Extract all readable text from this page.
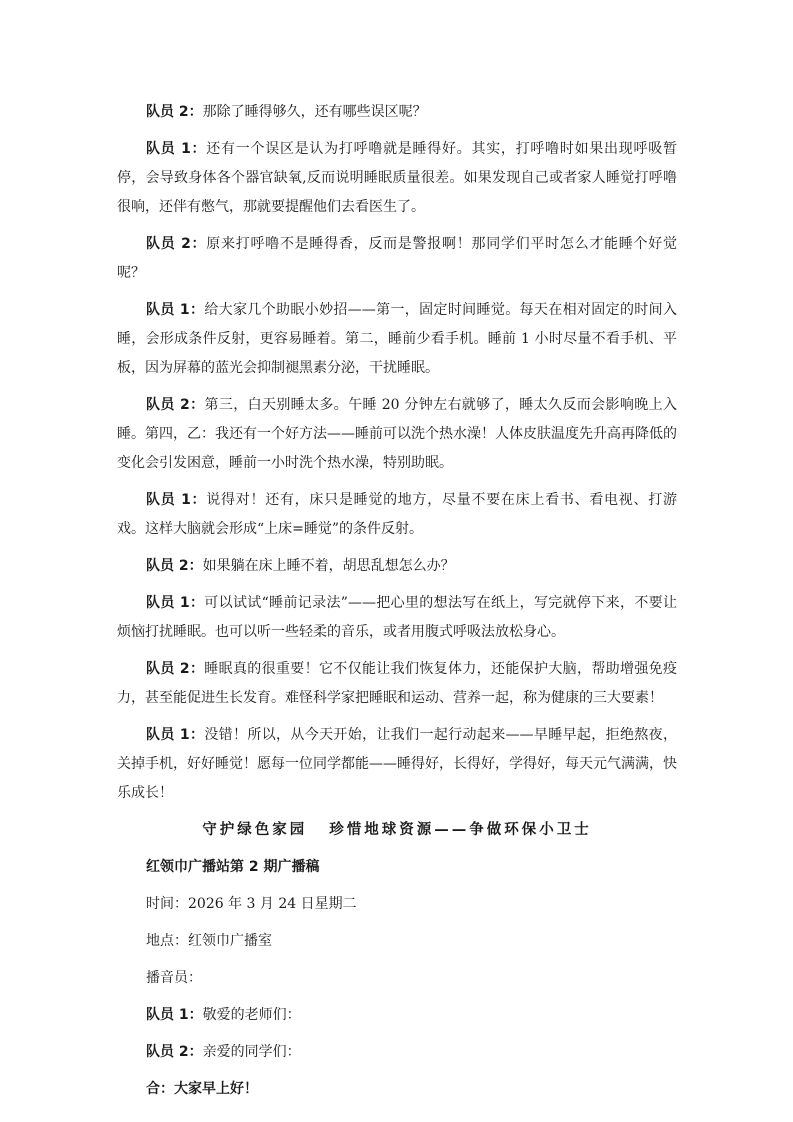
队员 2：那除了睡得够久，还有哪些误区呢？

队员 1：还有一个误区是认为打呼噜就是睡得好。其实，打呼噜时如果出现呼吸暂停，会导致身体各个器官缺氧,反而说明睡眠质量很差。如果发现自己或者家人睡觉打呼噜很响，还伴有憋气，那就要提醒他们去看医生了。

队员 2：原来打呼噜不是睡得香，反而是警报啊！那同学们平时怎么才能睡个好觉呢？

队员 1：给大家几个助眠小妙招——第一，固定时间睡觉。每天在相对固定的时间入睡，会形成条件反射，更容易睡着。第二，睡前少看手机。睡前 1 小时尽量不看手机、平板，因为屏幕的蓝光会抑制褪黑素分泌，干扰睡眠。

队员 2：第三，白天别睡太多。午睡 20 分钟左右就够了，睡太久反而会影响晚上入睡。第四，乙：我还有一个好方法——睡前可以洗个热水澡！人体皮肤温度先升高再降低的变化会引发困意，睡前一小时洗个热水澡，特别助眠。

队员 1：说得对！还有，床只是睡觉的地方，尽量不要在床上看书、看电视、打游戏。这样大脑就会形成“上床=睡觉”的条件反射。

队员 2：如果躺在床上睡不着，胡思乱想怎么办？

队员 1：可以试试“睡前记录法”——把心里的想法写在纸上，写完就停下来，不要让烦恼打扰睡眠。也可以听一些轻柔的音乐，或者用腹式呼吸法放松身心。

队员 2：睡眠真的很重要！它不仅能让我们恢复体力，还能保护大脑，帮助增强免疫力，甚至能促进生长发育。难怪科学家把睡眠和运动、营养一起，称为健康的三大要素！

队员 1：没错！所以，从今天开始，让我们一起行动起来——早睡早起，拒绝熬夜，关掉手机，好好睡觉！愿每一位同学都能——睡得好，长得好，学得好，每天元气满满，快乐成长！

守护绿色家园 珍惜地球资源——争做环保小卫士

红领巾广播站第 2 期广播稿

时间：2026 年 3 月 24 日星期二

地点：红领巾广播室

播音员：

队员 1：敬爱的老师们：

队员 2：亲爱的同学们：

合：大家早上好！
